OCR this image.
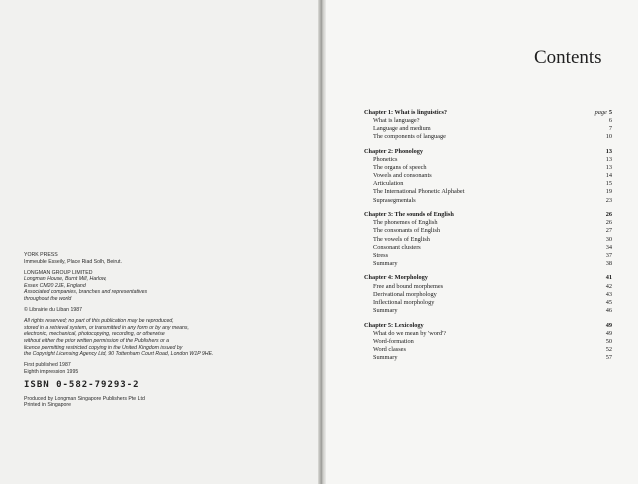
YORK PRESS
Immeuble Esseily, Place Riad Solh, Beirut.
LONGMAN GROUP LIMITED
Longman House, Burnt Mill, Harlow,
Essex CM20 2JE, England
Associated companies, branches and representatives
throughout the world
© Librairie du Liban 1987
All rights reserved; no part of this publication may be reproduced,
stored in a retrieval system, or transmitted in any form or by any means,
electronic, mechanical, photocopying, recording, or otherwise
without either the prior written permission of the Publishers or a
licence permitting restricted copying in the United Kingdom issued by
the Copyright Licensing Agency Ltd, 90 Tottenham Court Road, London W1P 9HE.
First published 1987
Eighth impression 1995
ISBN 0-582-79293-2
Produced by Longman Singapore Publishers Pte Ltd
Printed in Singapore
Contents
Chapter 1: What is linguistics?	page 5
What is language?	6
Language and medium	7
The components of language	10
Chapter 2: Phonology	13
Phonetics	13
The organs of speech	13
Vowels and consonants	14
Articulation	15
The International Phonetic Alphabet	19
Suprasegmentals	23
Chapter 3: The sounds of English	26
The phonemes of English	26
The consonants of English	27
The vowels of English	30
Consonant clusters	34
Stress	37
Summary	38
Chapter 4: Morphology	41
Free and bound morphemes	42
Derivational morphology	43
Inflectional morphology	45
Summary	46
Chapter 5: Lexicology	49
What do we mean by 'word'?	49
Word-formation	50
Word classes	52
Summary	57
